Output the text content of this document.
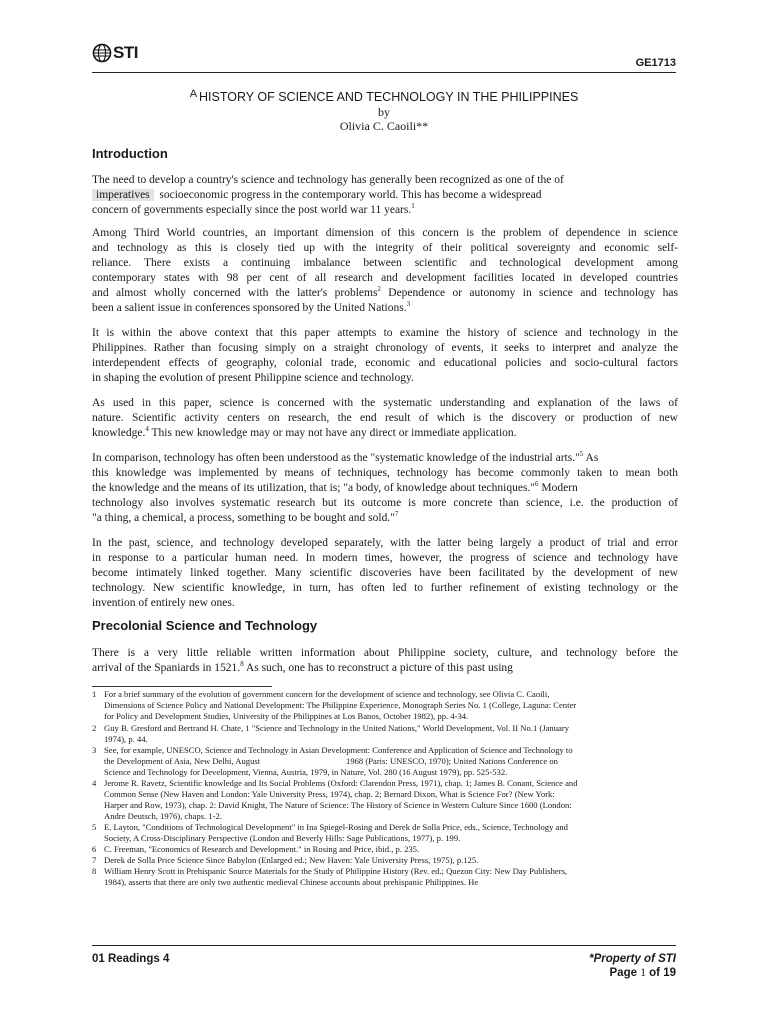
STI
GE1713
A HISTORY OF SCIENCE AND TECHNOLOGY IN THE PHILIPPINES
by
Olivia C. Caoili**
Introduction
The need to develop a country's science and technology has generally been recognized as one of the of
imperatives socioeconomic progress in the contemporary world. This has become a widespread
concern of governments especially since the post world war 11 years.$^1$
Among Third World countries, an important dimension of this concern is the problem of dependence in science
and technology as this is closely tied up with the integrity of their political sovereignty and economic self-
reliance. There exists a continuing imbalance between scientific and technological development among
contemporary states with 98 per cent of all research and development facilities located in developed countries
and almost wholly concerned with the latter's problems$^2$ Dependence or autonomy in science and technology has
been a salient issue in conferences sponsored by the United Nations.$^3$
It is within the above context that this paper attempts to examine the history of science and technology in the
Philippines. Rather than focusing simply on a straight chronology of events, it seeks to interpret and analyze the
interdependent effects of geography, colonial trade, economic and educational policies and socio-cultural factors
in shaping the evolution of present Philippine science and technology.
As used in this paper, science is concerned with the systematic understanding and explanation of the laws of
nature. Scientific activity centers on research, the end result of which is the discovery or production of new
knowledge.$^4$ This new knowledge may or may not have any direct or immediate application.
In comparison, technology has often been understood as the "systematic knowledge of the industrial arts."$^5$ As
this knowledge was implemented by means of techniques, technology has become commonly taken to mean both
the knowledge and the means of its utilization, that is; "a body, of knowledge about techniques."$^6$ Modern
technology also involves systematic research but its outcome is more concrete than science, i.e. the production of
"a thing, a chemical, a process, something to be bought and sold."$^7$
In the past, science, and technology developed separately, with the latter being largely a product of trial and error
in response to a particular human need. In modern times, however, the progress of science and technology have
become intimately linked together. Many scientific discoveries have been facilitated by the development of new
technology. New scientific knowledge, in turn, has often led to further refinement of existing technology or the
invention of entirely new ones.
Precolonial Science and Technology
There is a very little reliable written information about Philippine society, culture, and technology before the
arrival of the Spaniards in 1521.$^8$ As such, one has to reconstruct a picture of this past using
1 For a brief summary of the evolution of government concern for the development of science and technology, see Olivia C. Caoili,
Dimensions of Science Policy and National Development: The Philippine Experience, Monograph Series No. 1 (College, Laguna: Center
for Policy and Development Studies, University of the Philippines at Los Banos, October 1982), pp. 4-34.
2 Guy B. Gresford and Bertrand H. Chate, 1 "Science and Technology in the United Nations," World Development, Vol. II No.1 (January
1974), p. 44.
3 See, for example, UNESCO, Science and Technology in Asian Development: Conference and Application of Science and Technology to
the Development of Asia, New Delhi, August                                        1968 (Paris: UNESCO, 1970); United Nations Conference on
Science and Technology for Development, Vienna, Austria, 1979, in Nature, Vol. 280 (16 August 1979), pp. 525-532.
4 Jerome R. Ravetz, Scientific knowledge and Its Social Problems (Oxford: Clarendon Press, 1971), chap. 1; James B. Conant, Science and
Common Sense (New Haven and London: Yale University Press, 1974), chap. 2; Bernard Dixon, What is Science For? (New York:
Harper and Row, 1973), chap. 2: David Knight, The Nature of Science: The History of Science in Western Culture Since 1600 (London:
Andre Deutsch, 1976), chaps. 1-2.
5 E. Layton, "Conditions of Technological Development" in Ina Spiegel-Rosing and Derek de Solla Price, eds., Science, Technology and
Society, A Cross-Disciplinary Perspective (London and Beverly Hills: Sage Publications, 1977), p. 199.
6 C. Freeman, "Economics of Research and Development." in Rosing and Price, ibid., p. 235.
7 Derek de Solla Price Science Since Babylon (Enlarged ed.; New Haven: Yale University Press, 1975), p.125.
8 William Henry Scott in Prehispanic Source Materials for the Study of Philippine History (Rev. ed.; Quezon City: New Day Publishers,
1984), asserts that there are only two authentic medieval Chinese accounts about prehispanic Philippines. He
01 Readings 4	*Property of STI
Page 1 of 19
